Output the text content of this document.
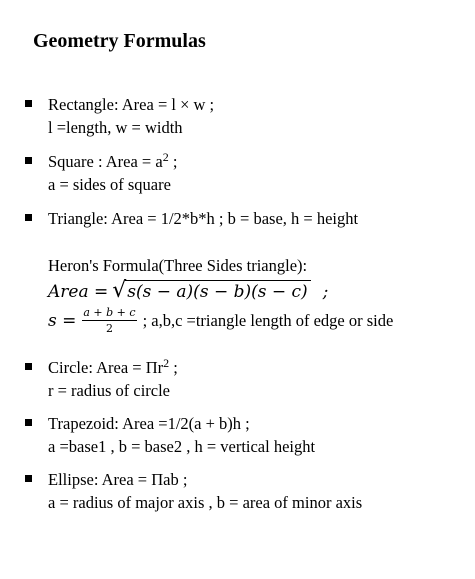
Geometry Formulas
Rectangle: Area = l × w ;
l =length, w = width
Square : Area = $a^2$ ;
a = sides of square
Triangle: Area = 1/2*b*h ; b = base, h = height
Heron's Formula(Three Sides triangle):
Area = √ s(s − a)(s − b)(s − c) ;
$s = \frac{a + b + c}{2}$ ; a,b,c =triangle length of edge or side
Circle: Area = $\Pi r^2$ ;
r = radius of circle
Trapezoid: Area =1/2(a + b)h ;
a =base1 , b = base2 , h = vertical height
Ellipse: Area = Πab ;
a = radius of major axis , b = area of minor axis
